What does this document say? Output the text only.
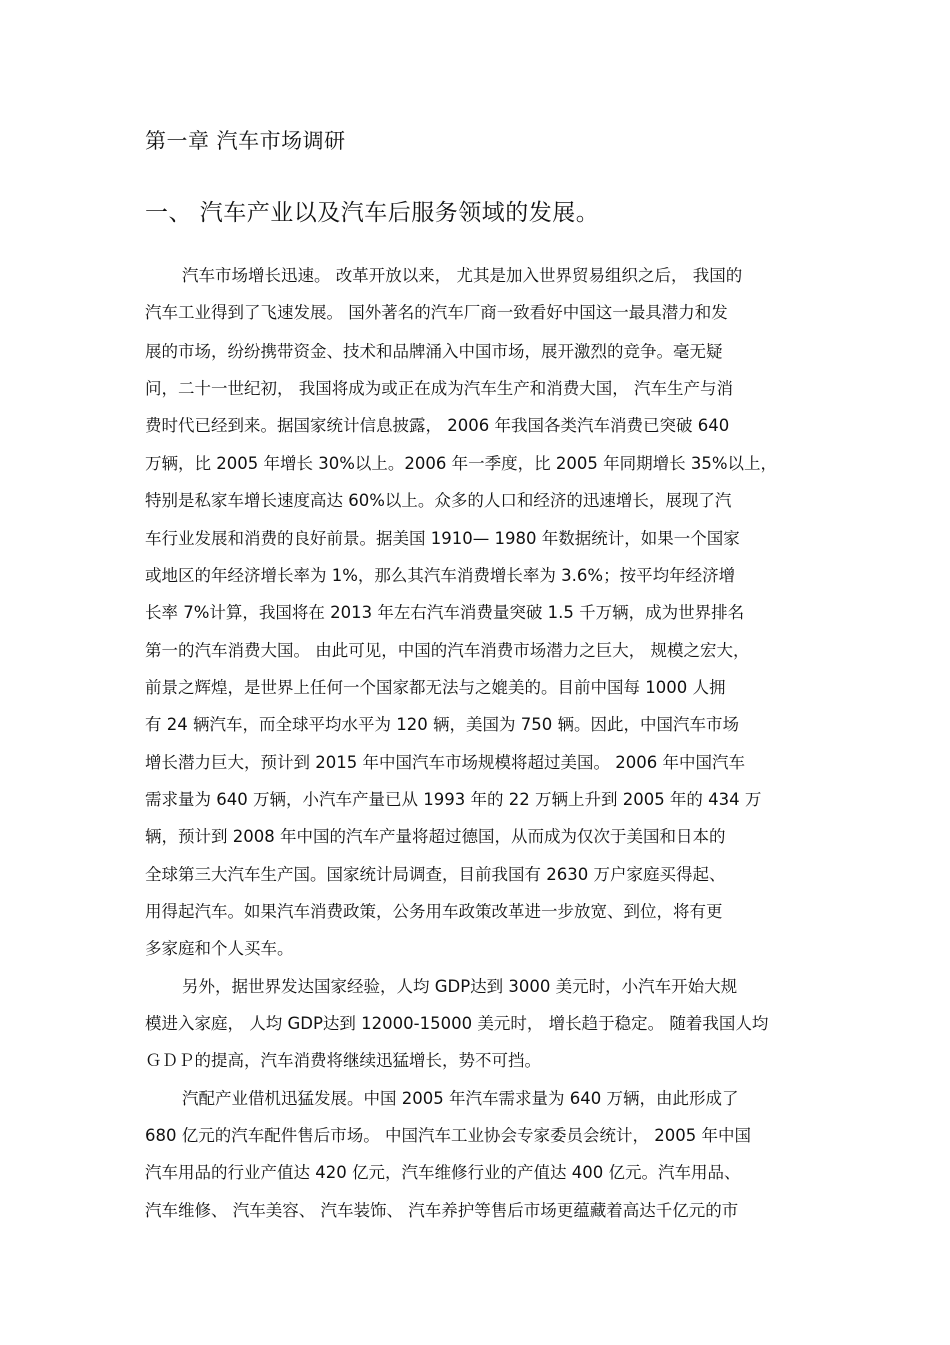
第一章 汽车市场调研
一、 汽车产业以及汽车后服务领域的发展。
汽车市场增长迅速。 改革开放以来， 尤其是加入世界贸易组织之后， 我国的
汽车工业得到了飞速发展。 国外著名的汽车厂商一致看好中国这一最具潜力和发
展的市场，纷纷携带资金、技术和品牌涌入中国市场，展开激烈的竞争。毫无疑
问，二十一世纪初， 我国将成为或正在成为汽车生产和消费大国， 汽车生产与消
费时代已经到来。据国家统计信息披露， 2006 年我国各类汽车消费已突破 640
万辆，比 2005 年增长 30%以上。2006 年一季度，比 2005 年同期增长 35%以上，
特别是私家车增长速度高达 60%以上。众多的人口和经济的迅速增长，展现了汽
车行业发展和消费的良好前景。据美国 1910— 1980 年数据统计，如果一个国家
或地区的年经济增长率为 1%，那么其汽车消费增长率为 3.6%；按平均年经济增
长率 7%计算，我国将在 2013 年左右汽车消费量突破 1.5 千万辆，成为世界排名
第一的汽车消费大国。 由此可见，中国的汽车消费市场潜力之巨大， 规模之宏大，
前景之辉煌，是世界上任何一个国家都无法与之媲美的。目前中国每 1000 人拥
有 24 辆汽车，而全球平均水平为 120 辆，美国为 750 辆。因此，中国汽车市场
增长潜力巨大，预计到 2015 年中国汽车市场规模将超过美国。 2006 年中国汽车
需求量为 640 万辆，小汽车产量已从 1993 年的 22 万辆上升到 2005 年的 434 万
辆，预计到 2008 年中国的汽车产量将超过德国，从而成为仅次于美国和日本的
全球第三大汽车生产国。国家统计局调查，目前我国有 2630 万户家庭买得起、
用得起汽车。如果汽车消费政策，公务用车政策改革进一步放宽、到位，将有更
多家庭和个人买车。
另外，据世界发达国家经验，人均 GDP达到 3000 美元时，小汽车开始大规
模进入家庭， 人均 GDP达到 12000-15000 美元时， 增长趋于稳定。 随着我国人均
ＧＤＰ的提高，汽车消费将继续迅猛增长，势不可挡。
汽配产业借机迅猛发展。中国 2005 年汽车需求量为 640 万辆，由此形成了
680 亿元的汽车配件售后市场。 中国汽车工业协会专家委员会统计， 2005 年中国
汽车用品的行业产值达 420 亿元，汽车维修行业的产值达 400 亿元。汽车用品、
汽车维修、 汽车美容、 汽车装饰、 汽车养护等售后市场更蕴藏着高达千亿元的市
